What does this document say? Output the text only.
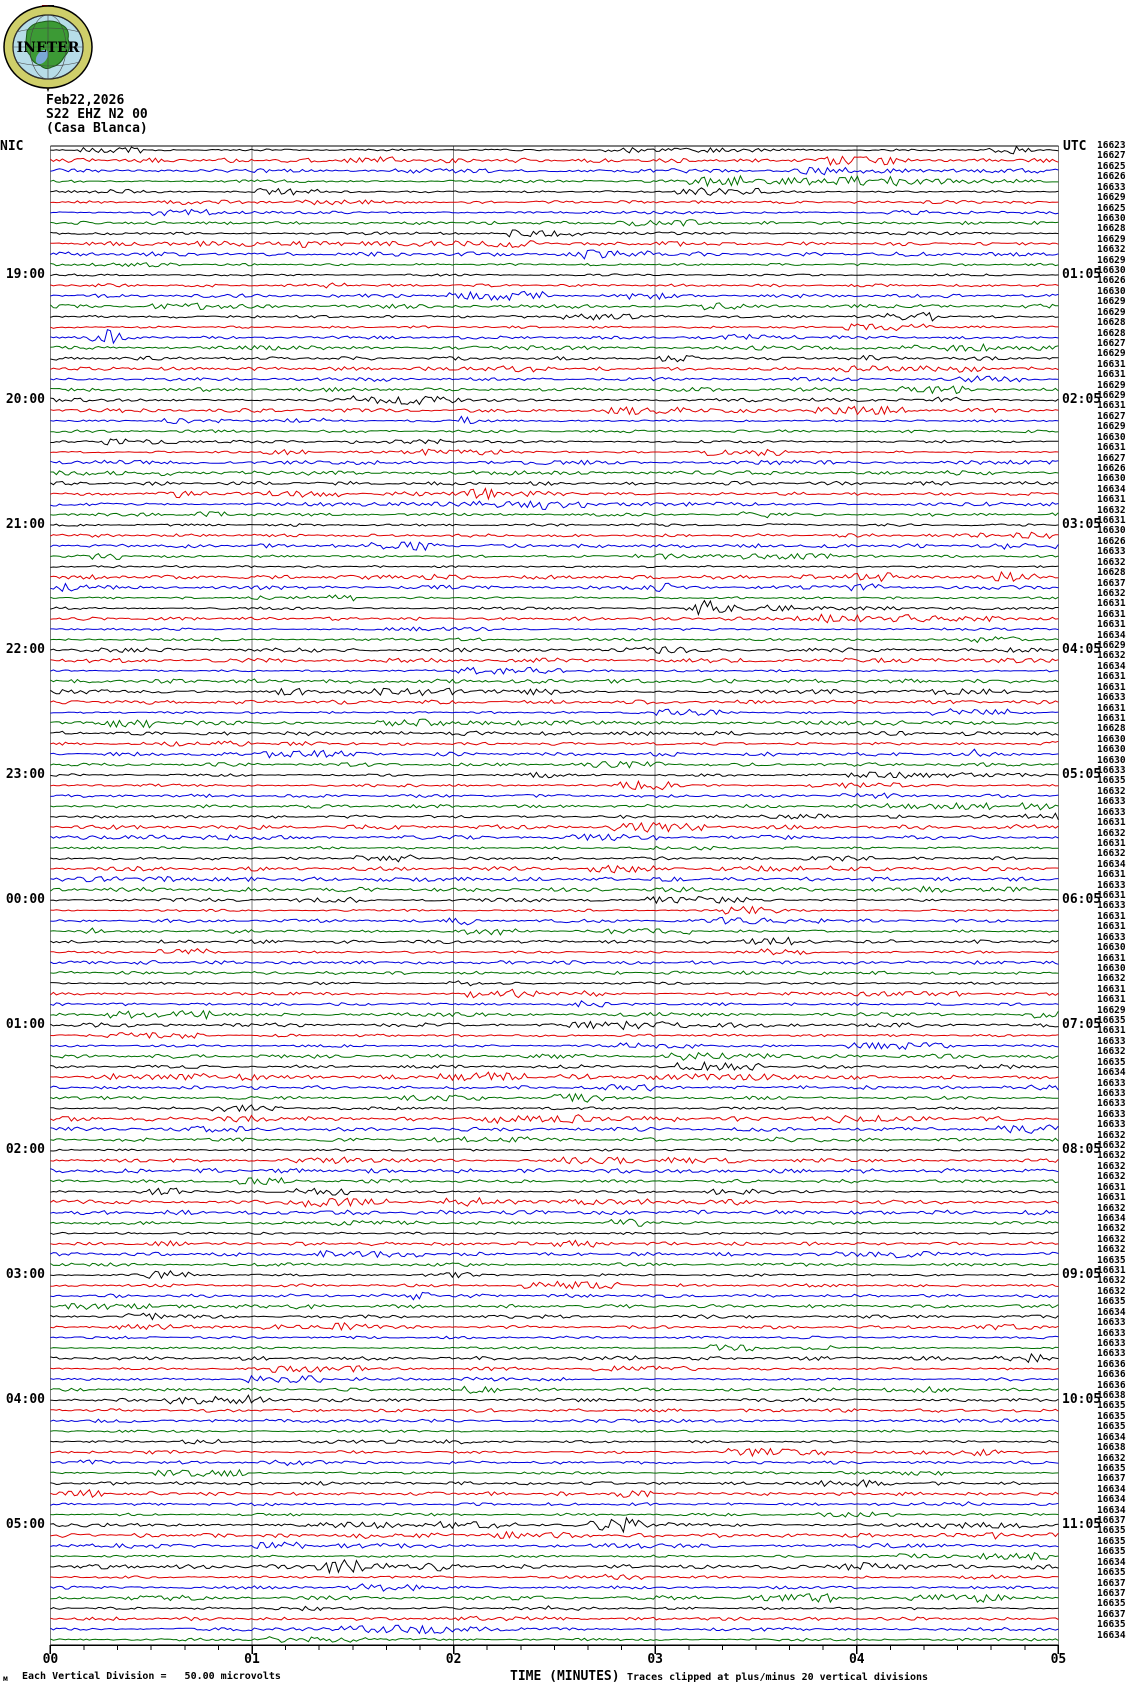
INETER
Feb22,2026
S22 EHZ N2 00
(Casa Blanca)
NIC	UTC
19:00
20:00
21:00
22:00
23:00
00:00
01:00
02:00
03:00
04:00
05:00
01:05
02:05
03:05
04:05
05:05
06:05
07:05
08:05
09:05
10:05
11:05
16623
16627
16625
16626
16633
16629
16625
16630
16628
16629
16632
16629
16630
16626
16630
16629
16629
16628
16628
16627
16629
16631
16631
16629
16629
16631
16627
16629
16630
16631
16627
16626
16630
16634
16631
16632
16631
16630
16626
16633
16632
16628
16637
16632
16631
16631
16631
16634
16629
16632
16634
16631
16631
16633
16631
16631
16628
16630
16630
16630
16633
16635
16632
16633
16633
16631
16632
16631
16632
16634
16631
16633
16631
16633
16631
16631
16633
16630
16631
16630
16632
16631
16631
16629
16635
16631
16633
16632
16635
16634
16633
16633
16633
16633
16633
16632
16632
16632
16632
16632
16631
16631
16632
16634
16632
16632
16632
16635
16631
16632
16632
16635
16634
16633
16633
16633
16633
16636
16636
16636
16638
16635
16635
16635
16634
16638
16632
16635
16637
16634
16634
16634
16637
16635
16635
16635
16634
16635
16637
16637
16635
16637
16635
16634
00	01	02	03	04	05
м Each Vertical Division =   50.00 microvolts	TIME (MINUTES) Traces clipped at plus/minus 20 vertical divisions
